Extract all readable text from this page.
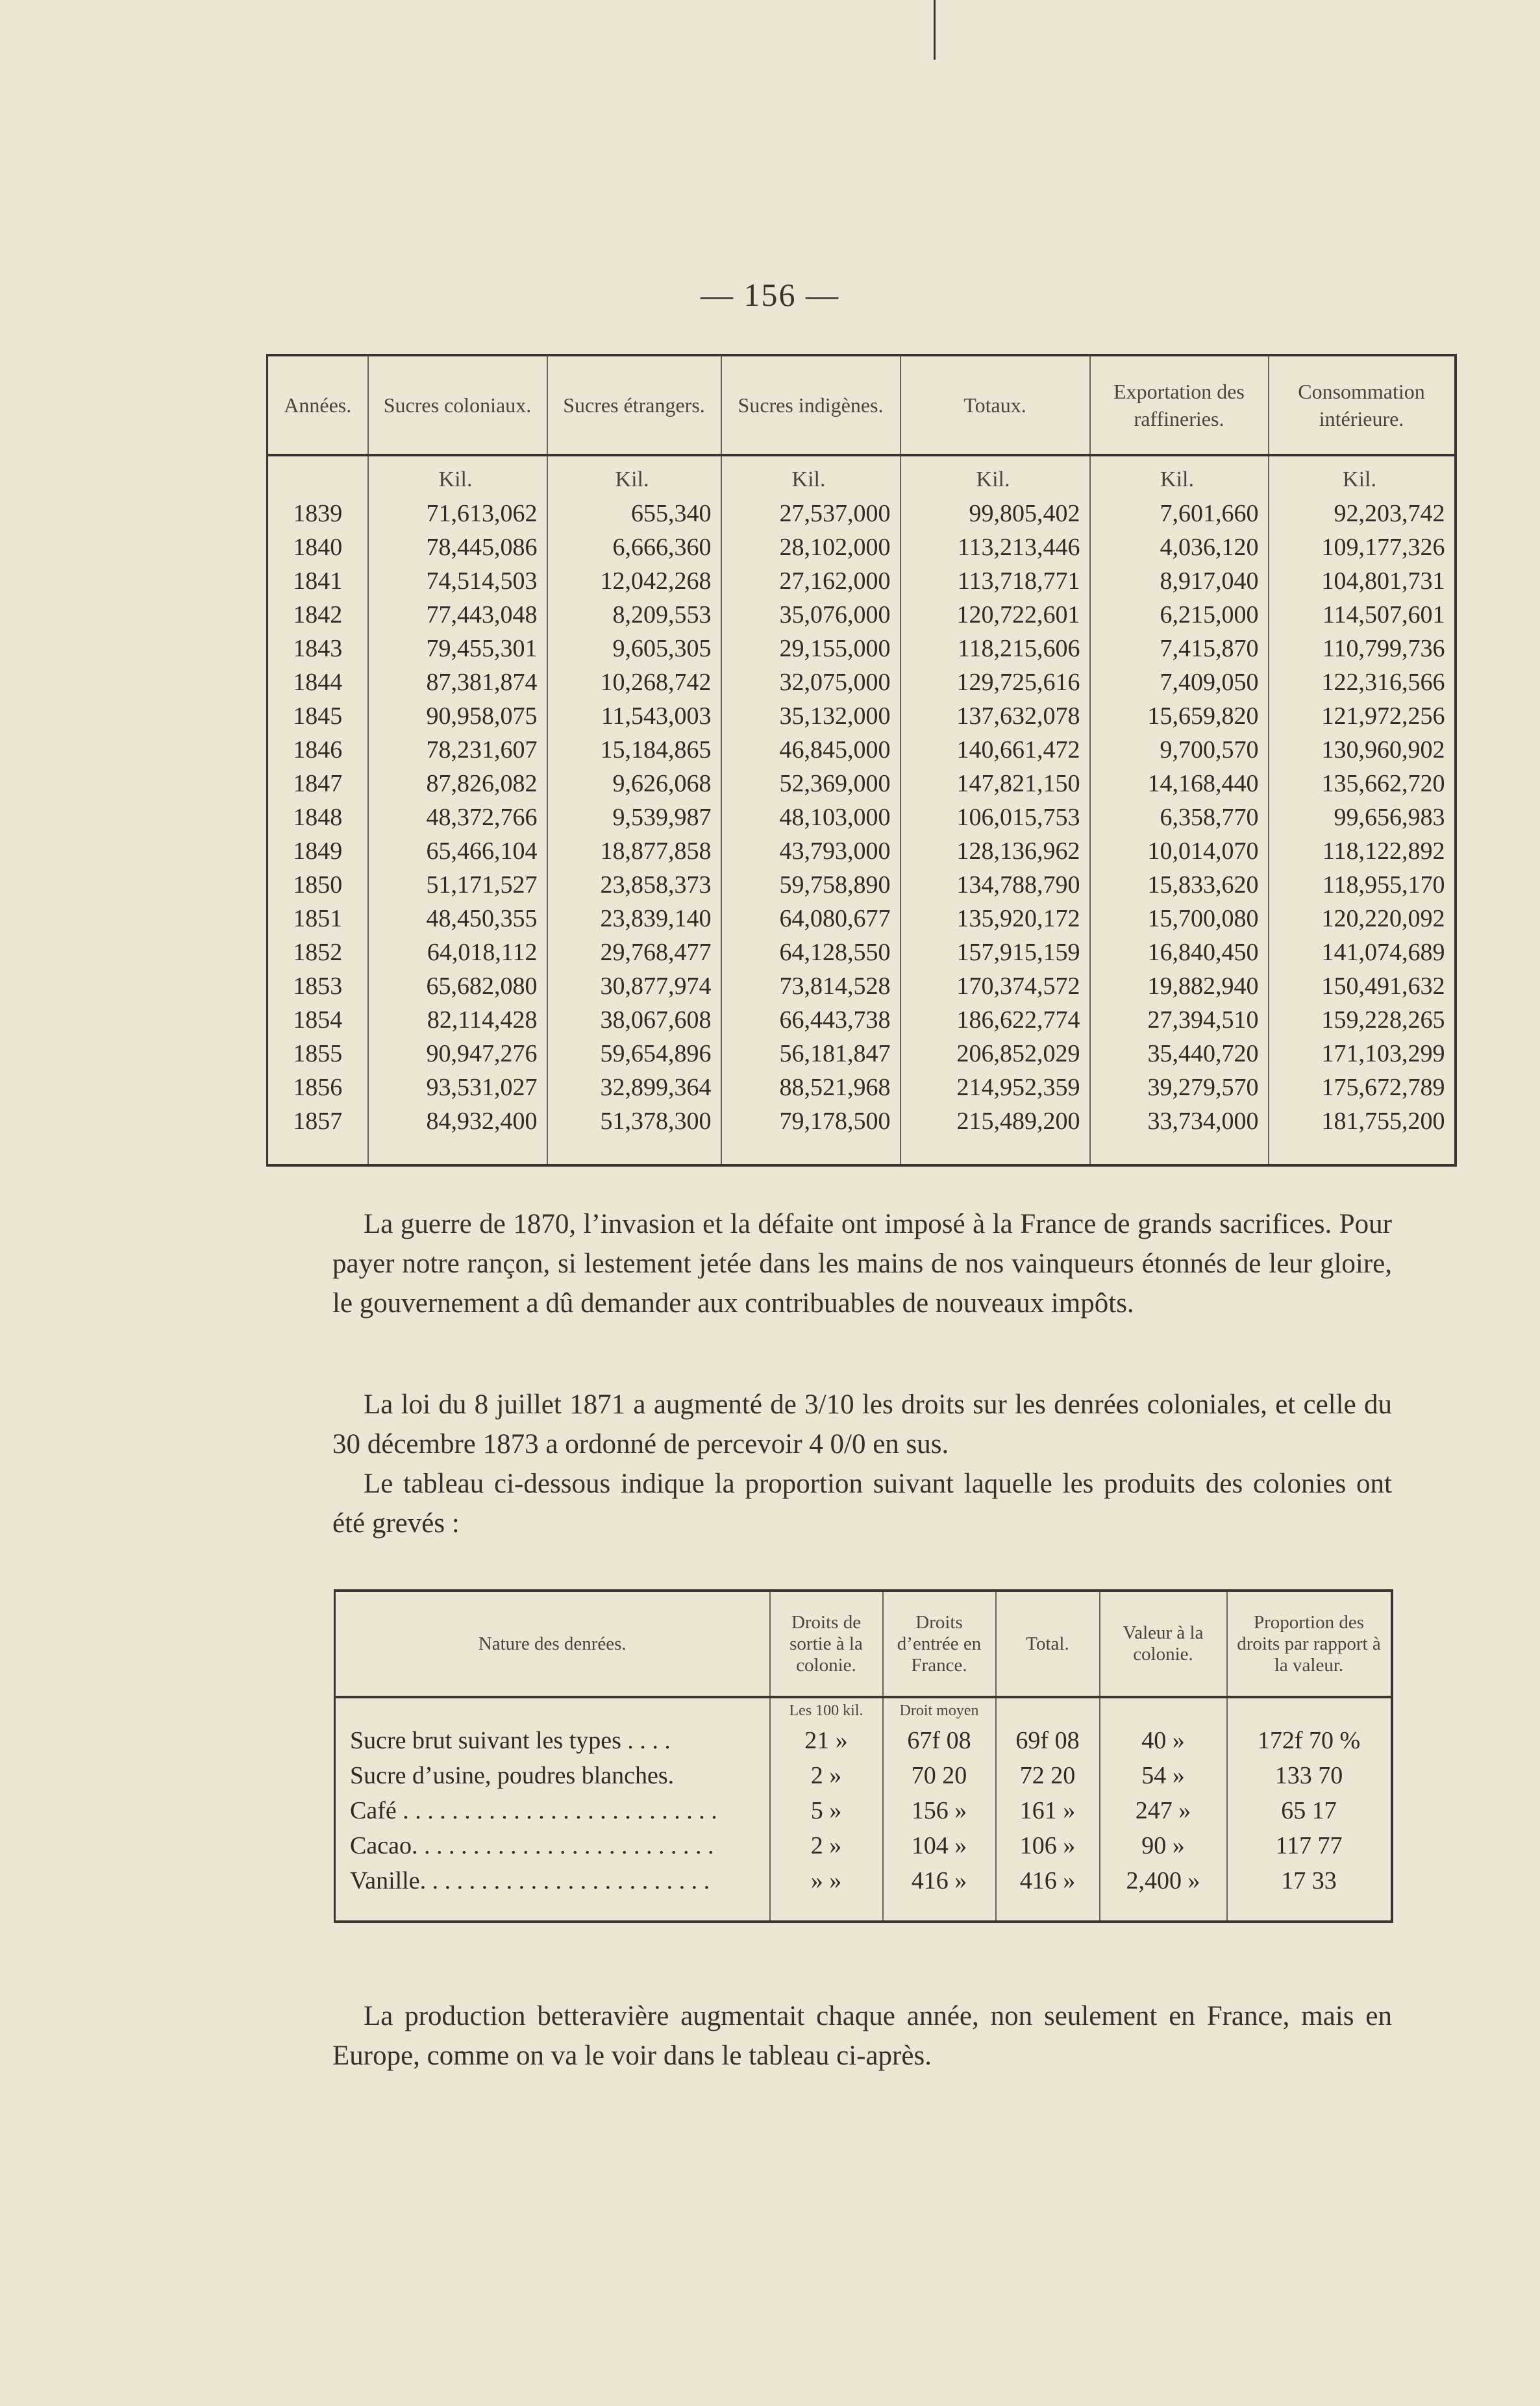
— 156 —
Années.	Sucres coloniaux.	Sucres étrangers.	Sucres indigènes.	Totaux.	Exportation des raffineries.	Consommation intérieure.
	Kil.	Kil.	Kil.	Kil.	Kil.	Kil.
1839	71,613,062	655,340	27,537,000	99,805,402	7,601,660	92,203,742
1840	78,445,086	6,666,360	28,102,000	113,213,446	4,036,120	109,177,326
1841	74,514,503	12,042,268	27,162,000	113,718,771	8,917,040	104,801,731
1842	77,443,048	8,209,553	35,076,000	120,722,601	6,215,000	114,507,601
1843	79,455,301	9,605,305	29,155,000	118,215,606	7,415,870	110,799,736
1844	87,381,874	10,268,742	32,075,000	129,725,616	7,409,050	122,316,566
1845	90,958,075	11,543,003	35,132,000	137,632,078	15,659,820	121,972,256
1846	78,231,607	15,184,865	46,845,000	140,661,472	9,700,570	130,960,902
1847	87,826,082	9,626,068	52,369,000	147,821,150	14,168,440	135,662,720
1848	48,372,766	9,539,987	48,103,000	106,015,753	6,358,770	99,656,983
1849	65,466,104	18,877,858	43,793,000	128,136,962	10,014,070	118,122,892
1850	51,171,527	23,858,373	59,758,890	134,788,790	15,833,620	118,955,170
1851	48,450,355	23,839,140	64,080,677	135,920,172	15,700,080	120,220,092
1852	64,018,112	29,768,477	64,128,550	157,915,159	16,840,450	141,074,689
1853	65,682,080	30,877,974	73,814,528	170,374,572	19,882,940	150,491,632
1854	82,114,428	38,067,608	66,443,738	186,622,774	27,394,510	159,228,265
1855	90,947,276	59,654,896	56,181,847	206,852,029	35,440,720	171,103,299
1856	93,531,027	32,899,364	88,521,968	214,952,359	39,279,570	175,672,789
1857	84,932,400	51,378,300	79,178,500	215,489,200	33,734,000	181,755,200

La guerre de 1870, l’invasion et la défaite ont imposé à la France de grands sacrifices. Pour payer notre rançon, si lestement jetée dans les mains de nos vainqueurs étonnés de leur gloire, le gouvernement a dû demander aux contribuables de nouveaux impôts.

La loi du 8 juillet 1871 a augmenté de 3/10 les droits sur les denrées coloniales, et celle du 30 décembre 1873 a ordonné de percevoir 4 0/0 en sus.

Le tableau ci-dessous indique la proportion suivant laquelle les produits des colonies ont été grevés :

Nature des denrées.	Droits de sortie à la colonie.	Droits d’entrée en France.	Total.	Valeur à la colonie.	Proportion des droits par rapport à la valeur.
	Les 100 kil.	Droit moyen			
Sucre brut suivant les types . . . .	21 »	67f 08	69f 08	40 »	172f 70 %
Sucre d’usine, poudres blanches.	2 »	70 20	72 20	54 »	133 70
Café . . . . . . . . . . . . . . . . . . . . . . . . . .	5 »	156 »	161 »	247 »	65 17
Cacao. . . . . . . . . . . . . . . . . . . . . . . . .	2 »	104 »	106 »	90 »	117 77
Vanille. . . . . . . . . . . . . . . . . . . . . . . .	» »	416 »	416 »	2,400 »	17 33

La production betteravière augmentait chaque année, non seulement en France, mais en Europe, comme on va le voir dans le tableau ci-après.
